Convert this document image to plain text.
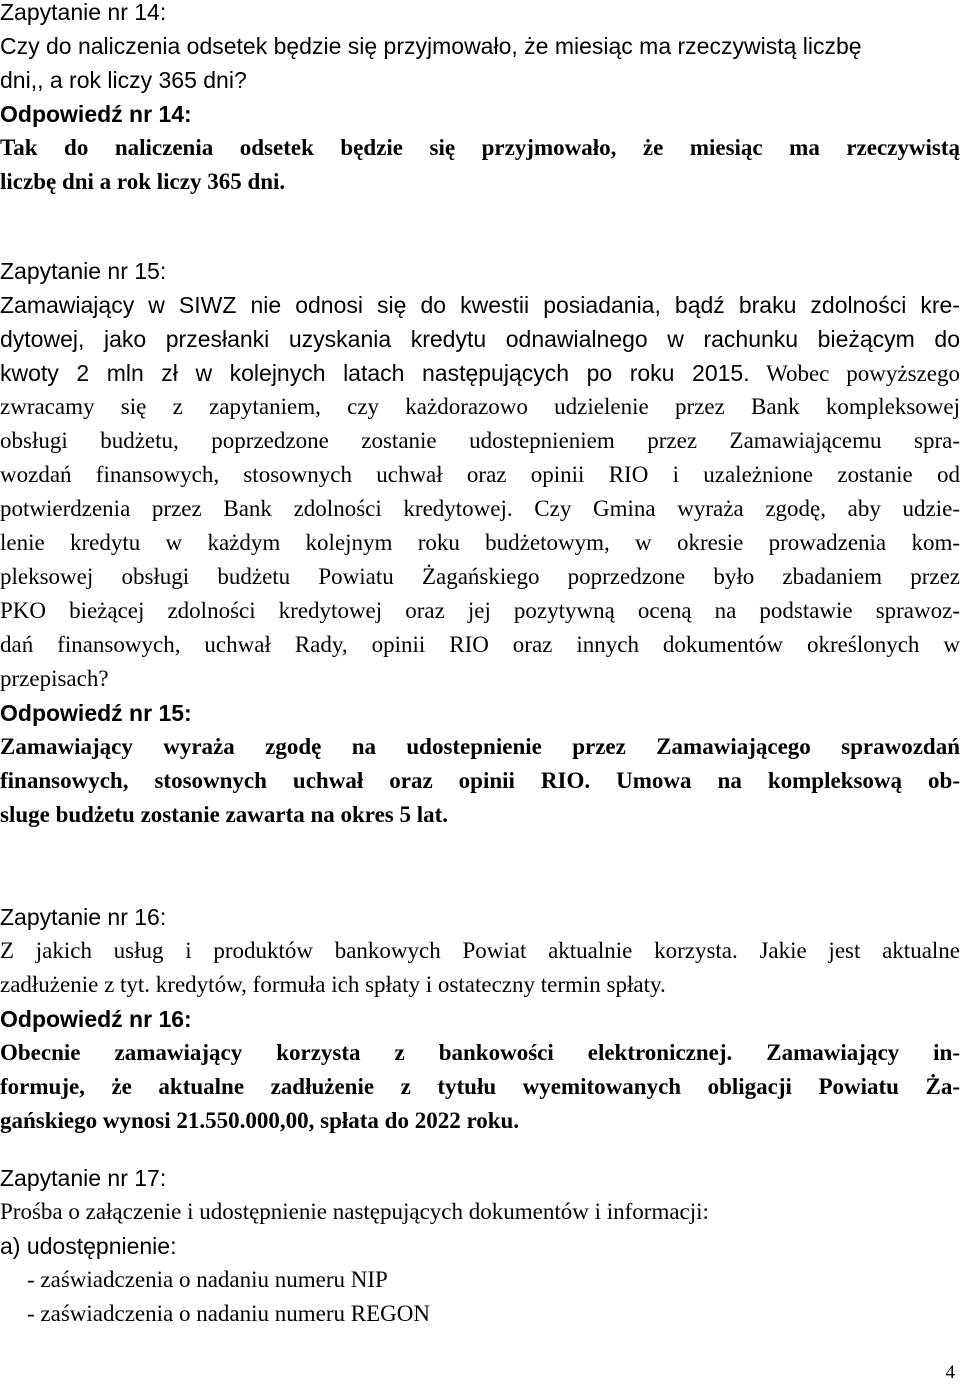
Zapytanie nr 14:
Czy do naliczenia odsetek będzie się przyjmowało, że miesiąc ma rzeczywistą liczbę
dni,, a rok liczy 365 dni?
Odpowiedź nr 14:
Tak do naliczenia odsetek będzie się przyjmowało, że miesiąc ma rzeczywistą
liczbę dni a rok liczy 365 dni.
Zapytanie nr 15:
Zamawiający w SIWZ nie odnosi się do kwestii posiadania, bądź braku zdolności kre-
dytowej, jako przesłanki uzyskania kredytu odnawialnego w rachunku bieżącym do
kwoty 2 mln zł w kolejnych latach następujących po roku 2015. Wobec powyższego
zwracamy się z zapytaniem, czy każdorazowo udzielenie przez Bank kompleksowej
obsługi budżetu, poprzedzone zostanie udostepnieniem przez Zamawiającemu spra-
wozdań finansowych, stosownych uchwał oraz opinii RIO i uzależnione zostanie od
potwierdzenia przez Bank zdolności kredytowej. Czy Gmina wyraża zgodę, aby udzie-
lenie kredytu w każdym kolejnym roku budżetowym, w okresie prowadzenia kom-
pleksowej obsługi budżetu Powiatu Żagańskiego poprzedzone było zbadaniem przez
PKO bieżącej zdolności kredytowej oraz jej pozytywną oceną na podstawie sprawoz-
dań finansowych, uchwał Rady, opinii RIO oraz innych dokumentów określonych w
przepisach?
Odpowiedź nr 15:
Zamawiający wyraża zgodę na udostepnienie przez Zamawiającego sprawozdań
finansowych, stosownych uchwał oraz opinii RIO. Umowa na kompleksową ob-
sluge budżetu zostanie zawarta na okres 5 lat.
Zapytanie nr 16:
Z jakich usług i produktów bankowych Powiat aktualnie korzysta. Jakie jest aktualne
zadłużenie z tyt. kredytów, formuła ich spłaty i ostateczny termin spłaty.
Odpowiedź nr 16:
Obecnie zamawiający korzysta z bankowości elektronicznej. Zamawiający in-
formuje, że aktualne zadłużenie z tytułu wyemitowanych obligacji Powiatu Ża-
gańskiego wynosi 21.550.000,00, spłata do 2022 roku.
Zapytanie nr 17:
Prośba o załączenie i udostępnienie następujących dokumentów i informacji:
a) udostępnienie:
- zaświadczenia o nadaniu numeru NIP
- zaświadczenia o nadaniu numeru REGON
4
